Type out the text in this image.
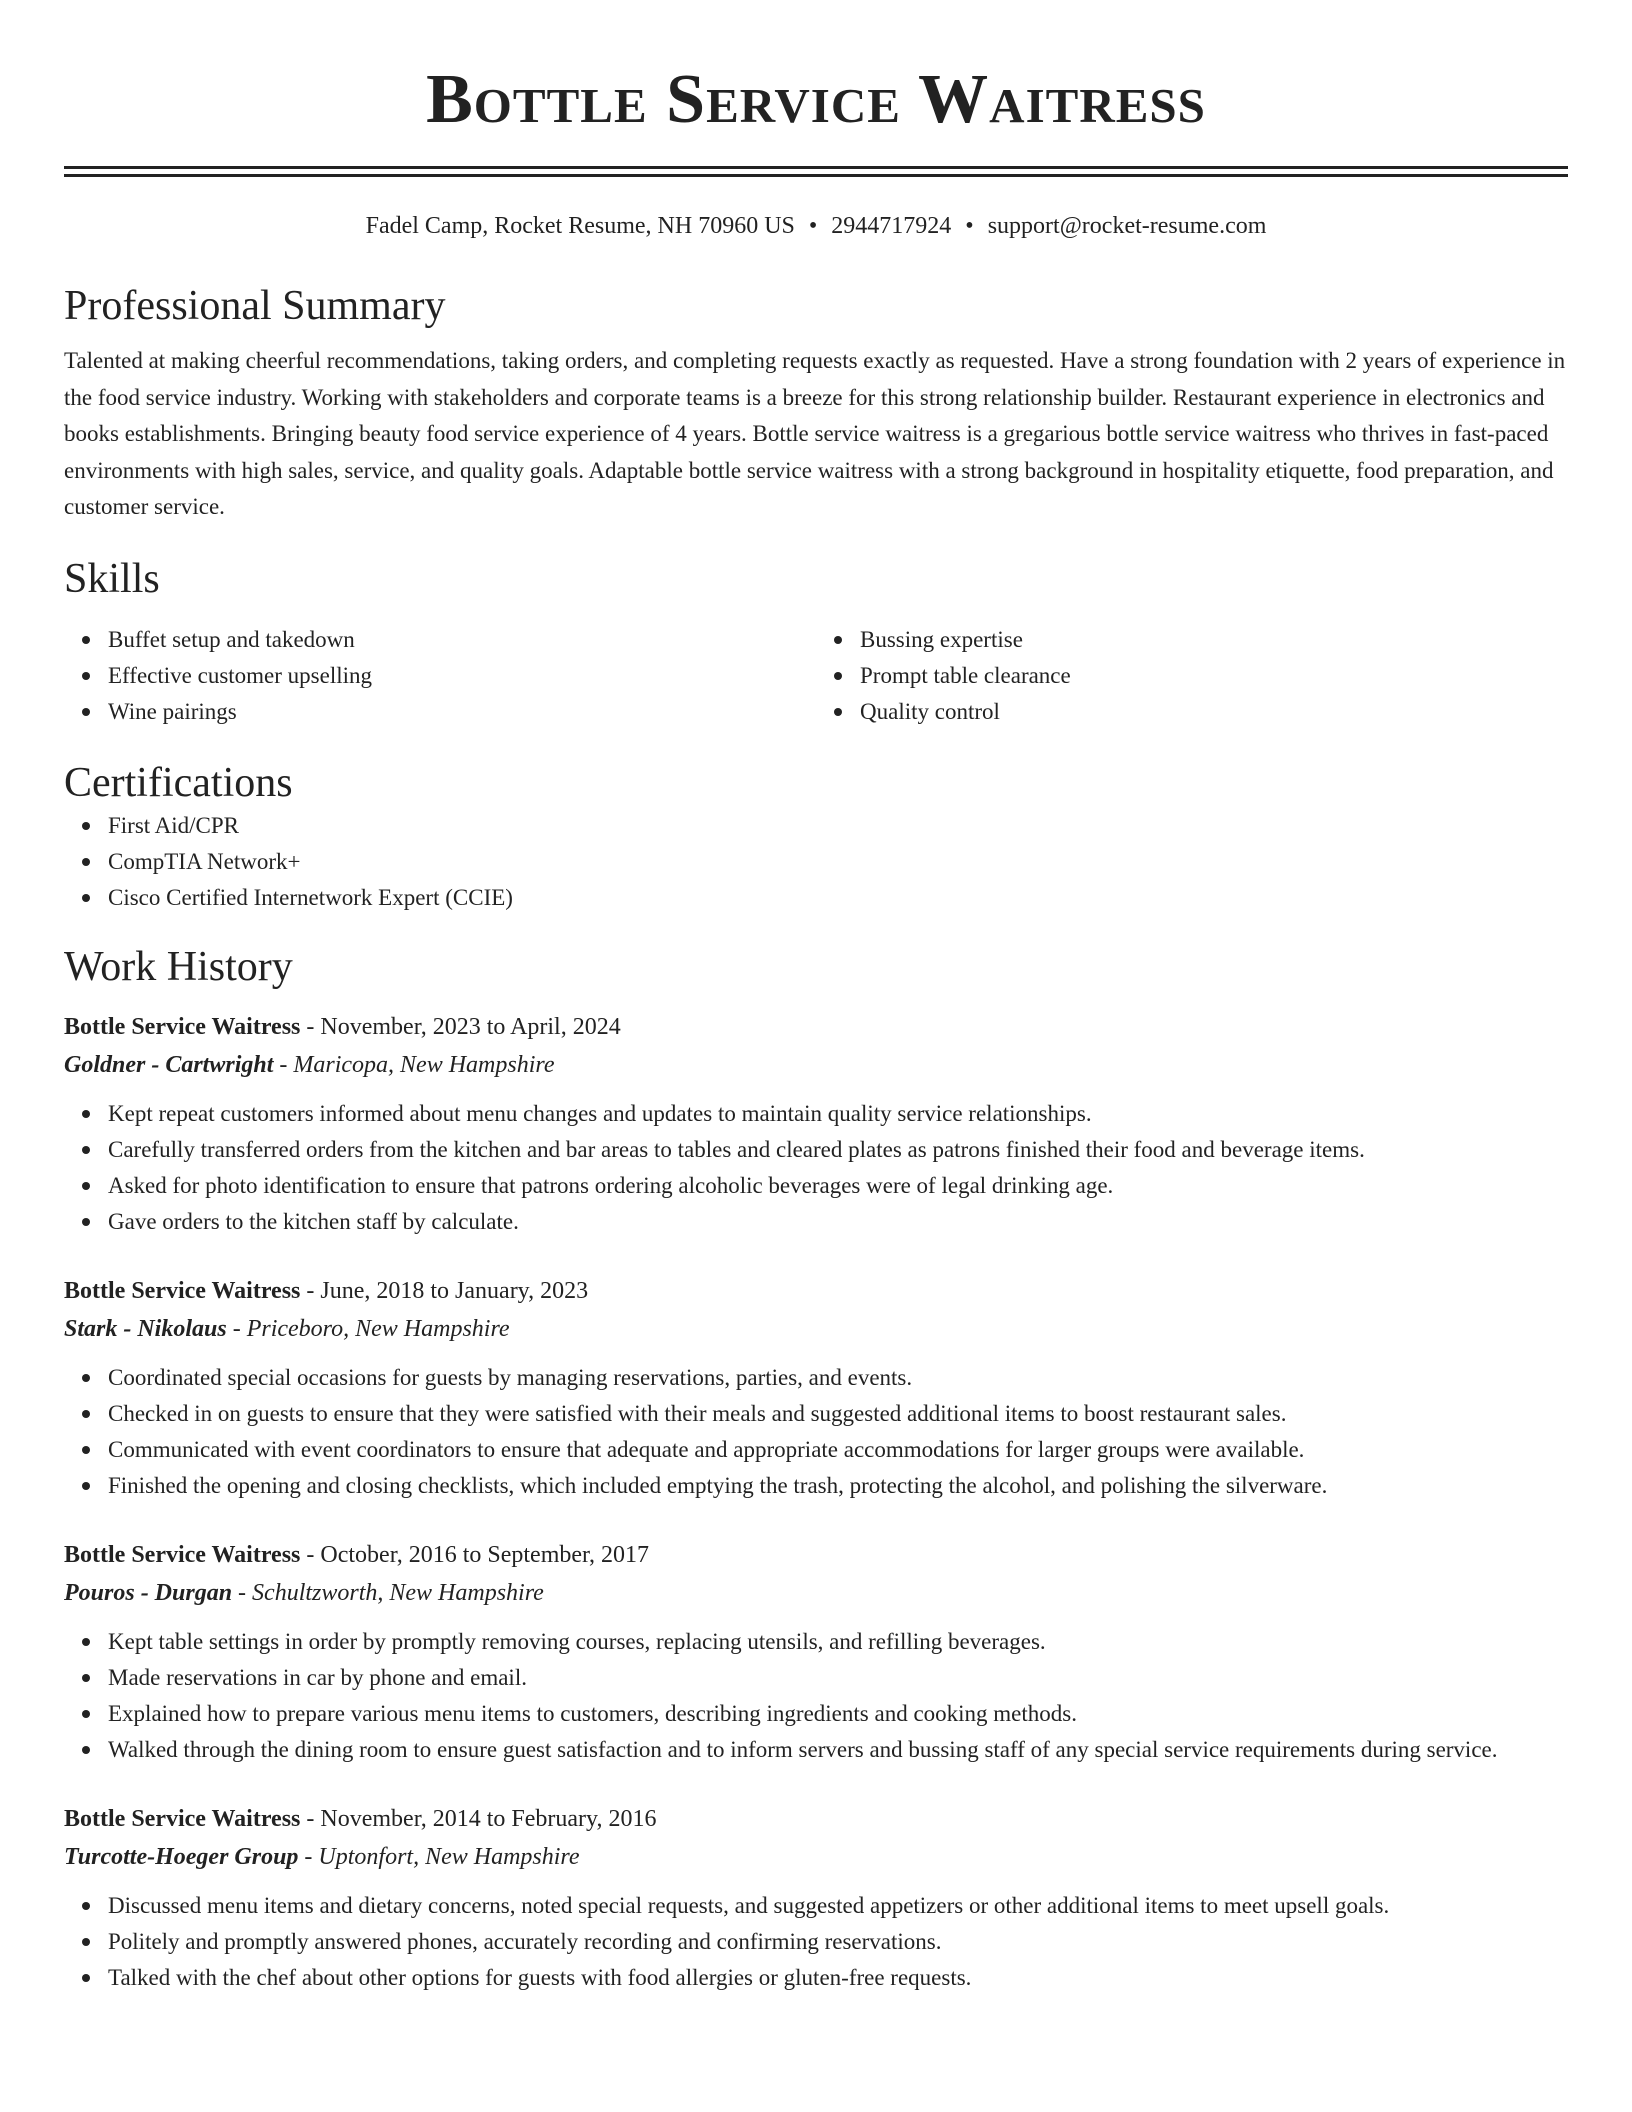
Bottle Service Waitress
Fadel Camp, Rocket Resume, NH 70960 US • 2944717924 • support@rocket-resume.com
Professional Summary

Talented at making cheerful recommendations, taking orders, and completing requests exactly as requested. Have a strong foundation with 2 years of experience in the food service industry. Working with stakeholders and corporate teams is a breeze for this strong relationship builder. Restaurant experience in electronics and books establishments. Bringing beauty food service experience of 4 years. Bottle service waitress is a gregarious bottle service waitress who thrives in fast-paced environments with high sales, service, and quality goals. Adaptable bottle service waitress with a strong background in hospitality etiquette, food preparation, and customer service.

Skills
Buffet setup and takedown
Effective customer upselling
Wine pairings
Bussing expertise
Prompt table clearance
Quality control
Certifications
First Aid/CPR
CompTIA Network+
Cisco Certified Internetwork Expert (CCIE)
Work History
Bottle Service Waitress - November, 2023 to April, 2024
Goldner - Cartwright - Maricopa, New Hampshire
Kept repeat customers informed about menu changes and updates to maintain quality service relationships.
Carefully transferred orders from the kitchen and bar areas to tables and cleared plates as patrons finished their food and beverage items.
Asked for photo identification to ensure that patrons ordering alcoholic beverages were of legal drinking age.
Gave orders to the kitchen staff by calculate.
Bottle Service Waitress - June, 2018 to January, 2023
Stark - Nikolaus - Priceboro, New Hampshire
Coordinated special occasions for guests by managing reservations, parties, and events.
Checked in on guests to ensure that they were satisfied with their meals and suggested additional items to boost restaurant sales.
Communicated with event coordinators to ensure that adequate and appropriate accommodations for larger groups were available.
Finished the opening and closing checklists, which included emptying the trash, protecting the alcohol, and polishing the silverware.
Bottle Service Waitress - October, 2016 to September, 2017
Pouros - Durgan - Schultzworth, New Hampshire
Kept table settings in order by promptly removing courses, replacing utensils, and refilling beverages.
Made reservations in car by phone and email.
Explained how to prepare various menu items to customers, describing ingredients and cooking methods.
Walked through the dining room to ensure guest satisfaction and to inform servers and bussing staff of any special service requirements during service.
Bottle Service Waitress - November, 2014 to February, 2016
Turcotte-Hoeger Group - Uptonfort, New Hampshire
Discussed menu items and dietary concerns, noted special requests, and suggested appetizers or other additional items to meet upsell goals.
Politely and promptly answered phones, accurately recording and confirming reservations.
Talked with the chef about other options for guests with food allergies or gluten-free requests.
